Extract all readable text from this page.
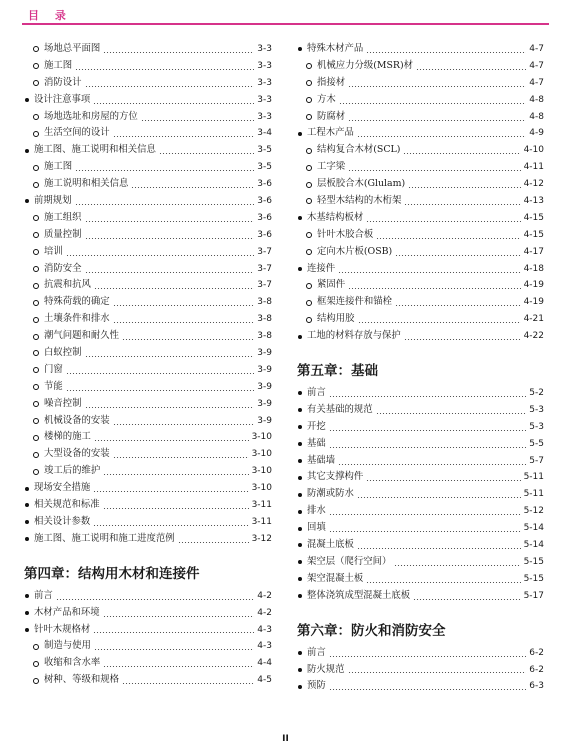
目 录
场地总平面图	3-3
施工图	3-3
消防设计	3-3
设计注意事项	3-3
场地选址和房屋的方位	3-3
生活空间的设计	3-4
施工图、施工说明和相关信息	3-5
施工图	3-5
施工说明和相关信息	3-6
前期规划	3-6
施工组织	3-6
质量控制	3-6
培训	3-7
消防安全	3-7
抗震和抗风	3-7
特殊荷载的确定	3-8
土壤条件和排水	3-8
潮气问题和耐久性	3-8
白蚁控制	3-9
门窗	3-9
节能	3-9
噪音控制	3-9
机械设备的安装	3-9
楼梯的施工	3-10
大型设备的安装	3-10
竣工后的维护	3-10
现场安全措施	3-10
相关规范和标准	3-11
相关设计参数	3-11
施工图、施工说明和施工进度范例	3-12
第四章：结构用木材和连接件
前言	4-2
木材产品和环境	4-2
针叶木规格材	4-3
制造与使用	4-3
收缩和含水率	4-4
树种、等级和规格	4-5
特殊木材产品	4-7
机械应力分级(MSR)材	4-7
指接材	4-7
方木	4-8
防腐材	4-8
工程木产品	4-9
结构复合木材(SCL)	4-10
工字梁	4-11
层板胶合木(Glulam)	4-12
轻型木结构的木桁架	4-13
木基结构板材	4-15
针叶木胶合板	4-15
定向木片板(OSB)	4-17
连接件	4-18
紧固件	4-19
框架连接件和锚栓	4-19
结构用胶	4-21
工地的材料存放与保护	4-22
第五章：基础
前言	5-2
有关基础的规范	5-3
开挖	5-3
基础	5-5
基础墙	5-7
其它支撑构件	5-11
防潮或防水	5-11
排水	5-12
回填	5-14
混凝土底板	5-14
架空层（爬行空间）	5-15
架空混凝土板	5-15
整体浇筑成型混凝土底板	5-17
第六章：防火和消防安全
前言	6-2
防火规范	6-2
预防	6-3
II
